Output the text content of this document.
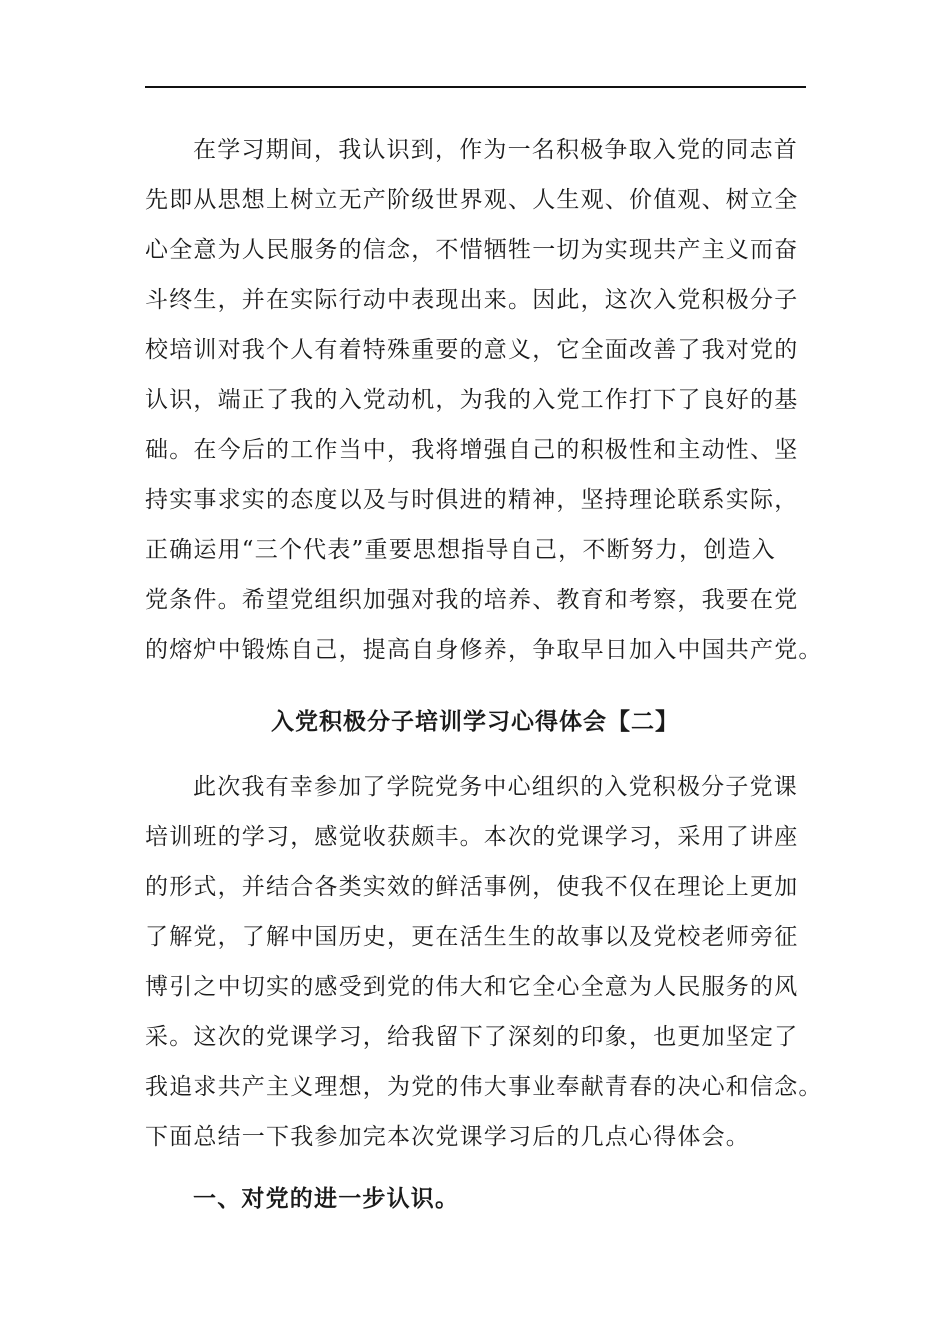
在学习期间，我认识到，作为一名积极争取入党的同志首
先即从思想上树立无产阶级世界观、人生观、价值观、树立全
心全意为人民服务的信念，不惜牺牲一切为实现共产主义而奋
斗终生，并在实际行动中表现出来。因此，这次入党积极分子
校培训对我个人有着特殊重要的意义，它全面改善了我对党的
认识，端正了我的入党动机，为我的入党工作打下了良好的基
础。在今后的工作当中，我将增强自己的积极性和主动性、坚
持实事求实的态度以及与时俱进的精神，坚持理论联系实际，
正确运用“三个代表”重要思想指导自己，不断努力，创造入
党条件。希望党组织加强对我的培养、教育和考察，我要在党
的熔炉中锻炼自己，提高自身修养，争取早日加入中国共产党。
入党积极分子培训学习心得体会【二】
此次我有幸参加了学院党务中心组织的入党积极分子党课
培训班的学习，感觉收获颇丰。本次的党课学习，采用了讲座
的形式，并结合各类实效的鲜活事例，使我不仅在理论上更加
了解党，了解中国历史，更在活生生的故事以及党校老师旁征
博引之中切实的感受到党的伟大和它全心全意为人民服务的风
采。这次的党课学习，给我留下了深刻的印象，也更加坚定了
我追求共产主义理想，为党的伟大事业奉献青春的决心和信念。
下面总结一下我参加完本次党课学习后的几点心得体会。
一、对党的进一步认识。
